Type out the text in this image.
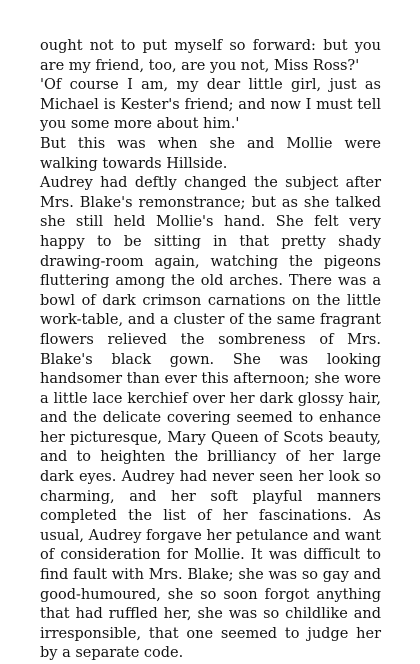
ought not to put myself so forward: but you are my friend, too, are you not, Miss Ross?'

'Of course I am, my dear little girl, just as Michael is Kester's friend; and now I must tell you some more about him.'

But this was when she and Mollie were walking towards Hillside.

Audrey had deftly changed the subject after Mrs. Blake's remonstrance; but as she talked she still held Mollie's hand. She felt very happy to be sitting in that pretty shady drawing-room again, watching the pigeons fluttering among the old arches. There was a bowl of dark crimson carnations on the little work-table, and a cluster of the same fragrant flowers relieved the sombreness of Mrs. Blake's black gown. She was looking handsomer than ever this afternoon; she wore a little lace kerchief over her dark glossy hair, and the delicate covering seemed to enhance her picturesque, Mary Queen of Scots beauty, and to heighten the brilliancy of her large dark eyes. Audrey had never seen her look so charming, and her soft playful manners completed the list of her fascinations. As usual, Audrey forgave her petulance and want of consideration for Mollie. It was difficult to find fault with Mrs. Blake; she was so gay and good-humoured, she so soon forgot anything that had ruffled her, she was so childlike and irresponsible, that one seemed to judge her by a separate code.
